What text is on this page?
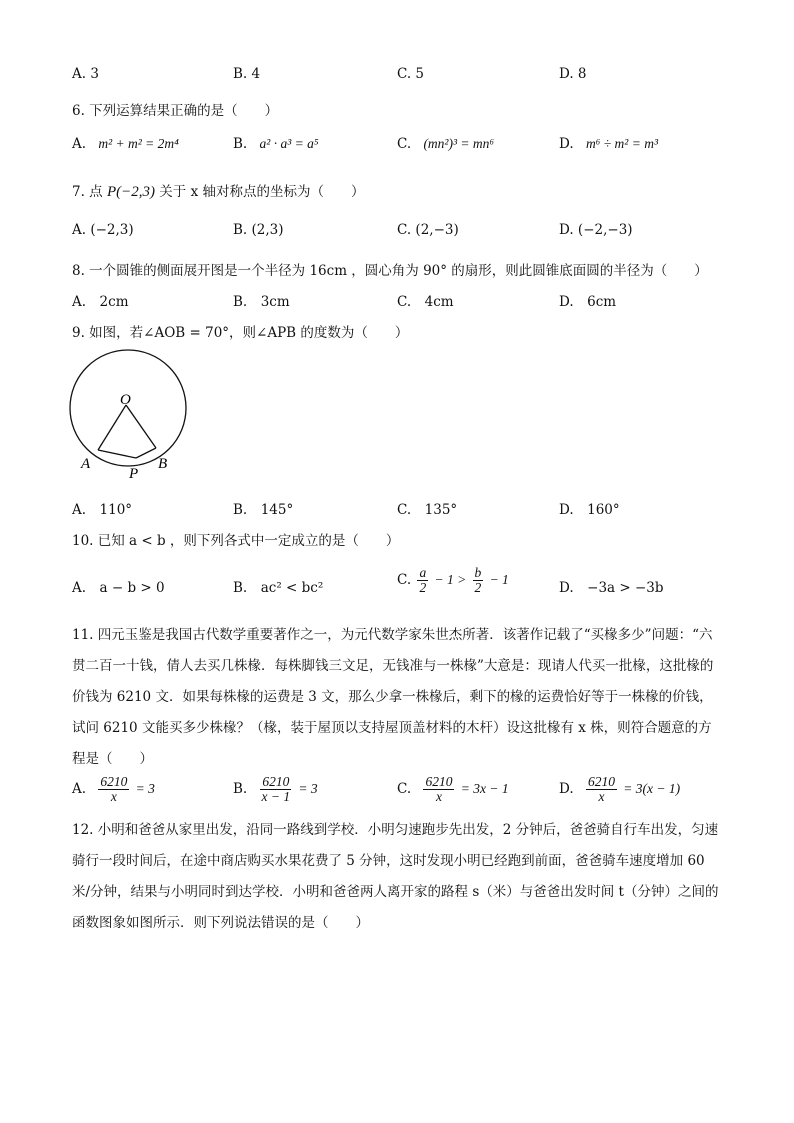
A. 3	B. 4	C. 5	D. 8
6. 下列运算结果正确的是（　　）
A. m² + m² = 2m⁴	B. a² · a³ = a⁵	C. (mn²)³ = mn⁶	D. m⁶ ÷ m² = m³
7. 点 P(−2,3) 关于 x 轴对称点的坐标为（　　）
A. (−2,3)	B. (2,3)	C. (2,−3)	D. (−2,−3)
8. 一个圆锥的侧面展开图是一个半径为 16cm ，圆心角为 90° 的扇形，则此圆锥底面圆的半径为（　　）
A.　2cm	B.　3cm	C.　4cm	D.　6cm
9. 如图，若∠AOB = 70°，则∠APB 的度数为（　　）
O
A
P
B
A.　110°	B.　145°	C.　135°	D.　160°
10. 已知 a < b ，则下列各式中一定成立的是（　　）
A.　a − b > 0	B.　ac² < bc²	C. $\frac{a}{2} - 1 > \frac{b}{2} - 1$
D.　−3a > −3b
11. 四元玉鉴是我国古代数学重要著作之一，为元代数学家朱世杰所著．该著作记载了“买椽多少”问题：“六贯二百一十钱，倩人去买几株椽．每株脚钱三文足，无钱准与一株椽”大意是：现请人代买一批椽，这批椽的价钱为 6210 文．如果每株椽的运费是 3 文，那么少拿一株椽后，剩下的椽的运费恰好等于一株椽的价钱，试问 6210 文能买多少株椽？（椽，装于屋顶以支持屋顶盖材料的木杆）设这批椽有 x 株，则符合题意的方程是（　　）
A. $\frac{6210}{x} = 3$	B. $\frac{6210}{x - 1} = 3$	C. $\frac{6210}{x} = 3x - 1$	D. $\frac{6210}{x} = 3(x - 1)$
12. 小明和爸爸从家里出发，沿同一路线到学校．小明匀速跑步先出发，2 分钟后，爸爸骑自行车出发，匀速骑行一段时间后，在途中商店购买水果花费了 5 分钟，这时发现小明已经跑到前面，爸爸骑车速度增加 60 米/分钟，结果与小明同时到达学校．小明和爸爸两人离开家的路程 s（米）与爸爸出发时间 t（分钟）之间的函数图象如图所示．则下列说法错误的是（　　）
